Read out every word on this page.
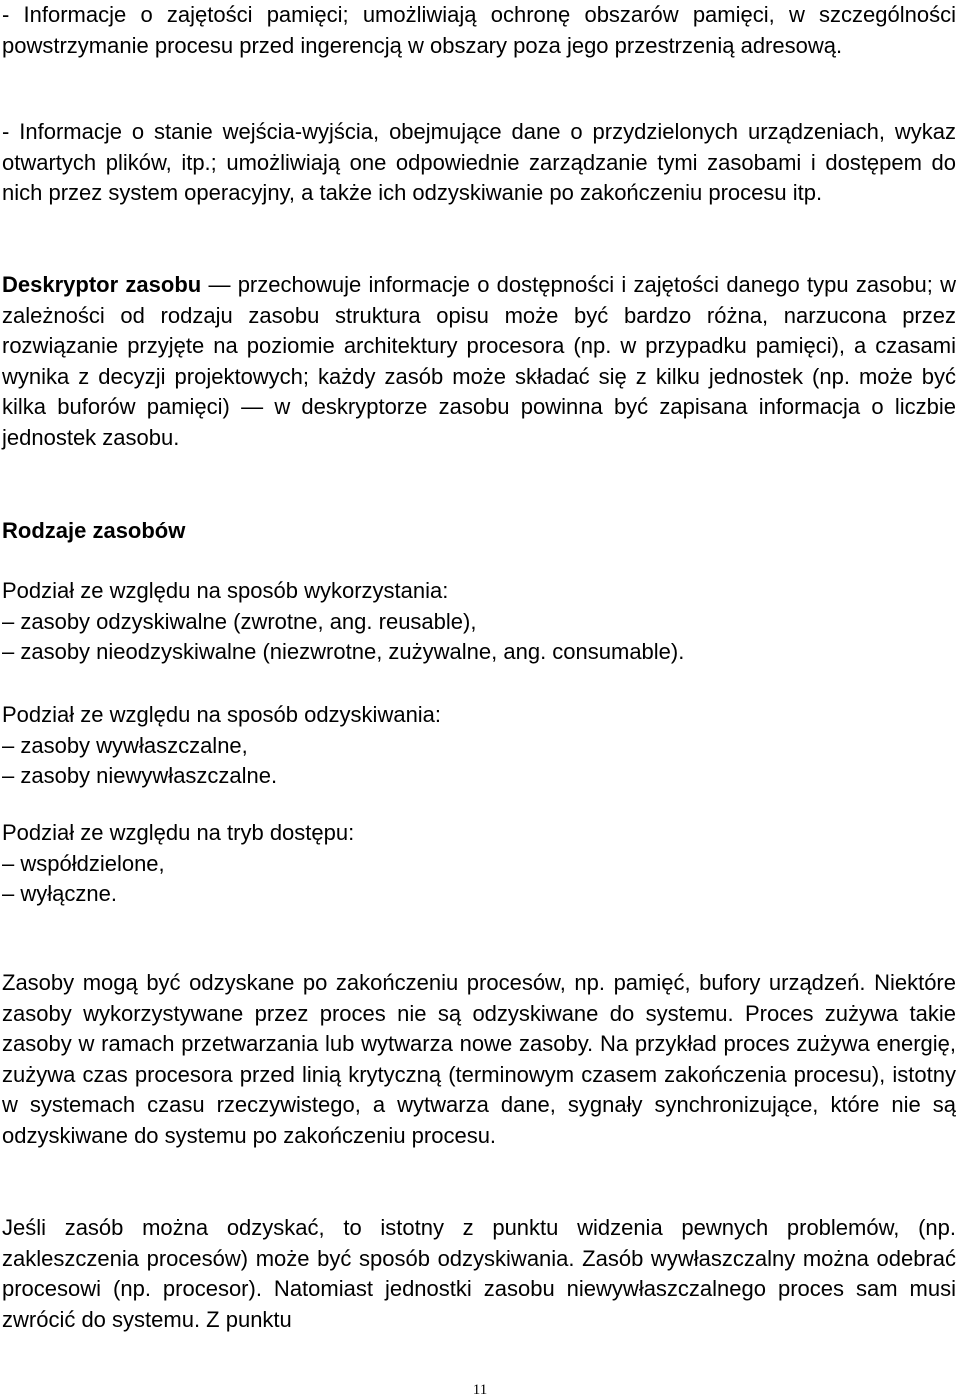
- Informacje o zajętości pamięci; umożliwiają ochronę obszarów pamięci, w szczególności powstrzymanie procesu przed ingerencją w obszary poza jego przestrzenią adresową.

- Informacje o stanie wejścia-wyjścia, obejmujące dane o przydzielonych urządzeniach, wykaz otwartych plików, itp.; umożliwiają one odpowiednie zarządzanie tymi zasobami i dostępem do nich przez system operacyjny, a także ich odzyskiwanie po zakończeniu procesu itp.

Deskryptor zasobu — przechowuje informacje o dostępności i zajętości danego typu zasobu; w zależności od rodzaju zasobu struktura opisu może być bardzo różna, narzucona przez rozwiązanie przyjęte na poziomie architektury procesora (np. w przypadku pamięci), a czasami wynika z decyzji projektowych; każdy zasób może składać się z kilku jednostek (np. może być kilka buforów pamięci) — w deskryptorze zasobu powinna być zapisana informacja o liczbie jednostek zasobu.

Rodzaje zasobów

Podział ze względu na sposób wykorzystania:

– zasoby odzyskiwalne (zwrotne, ang. reusable),

– zasoby nieodzyskiwalne (niezwrotne, zużywalne, ang. consumable).

Podział ze względu na sposób odzyskiwania:

– zasoby wywłaszczalne,

– zasoby niewywłaszczalne.

Podział ze względu na tryb dostępu:

– współdzielone,

– wyłączne.

Zasoby mogą być odzyskane po zakończeniu procesów, np. pamięć, bufory urządzeń. Niektóre zasoby wykorzystywane przez proces nie są odzyskiwane do systemu. Proces zużywa takie zasoby w ramach przetwarzania lub wytwarza nowe zasoby. Na przykład proces zużywa energię, zużywa czas procesora przed linią krytyczną (terminowym czasem zakończenia procesu), istotny w systemach czasu rzeczywistego, a wytwarza dane, sygnały synchronizujące, które nie są odzyskiwane do systemu po zakończeniu procesu.

Jeśli zasób można odzyskać, to istotny z punktu widzenia pewnych problemów, (np. zakleszczenia procesów) może być sposób odzyskiwania. Zasób wywłaszczalny można odebrać procesowi (np. procesor). Natomiast jednostki zasobu niewywłaszczalnego proces sam musi zwrócić do systemu. Z punktu

11
